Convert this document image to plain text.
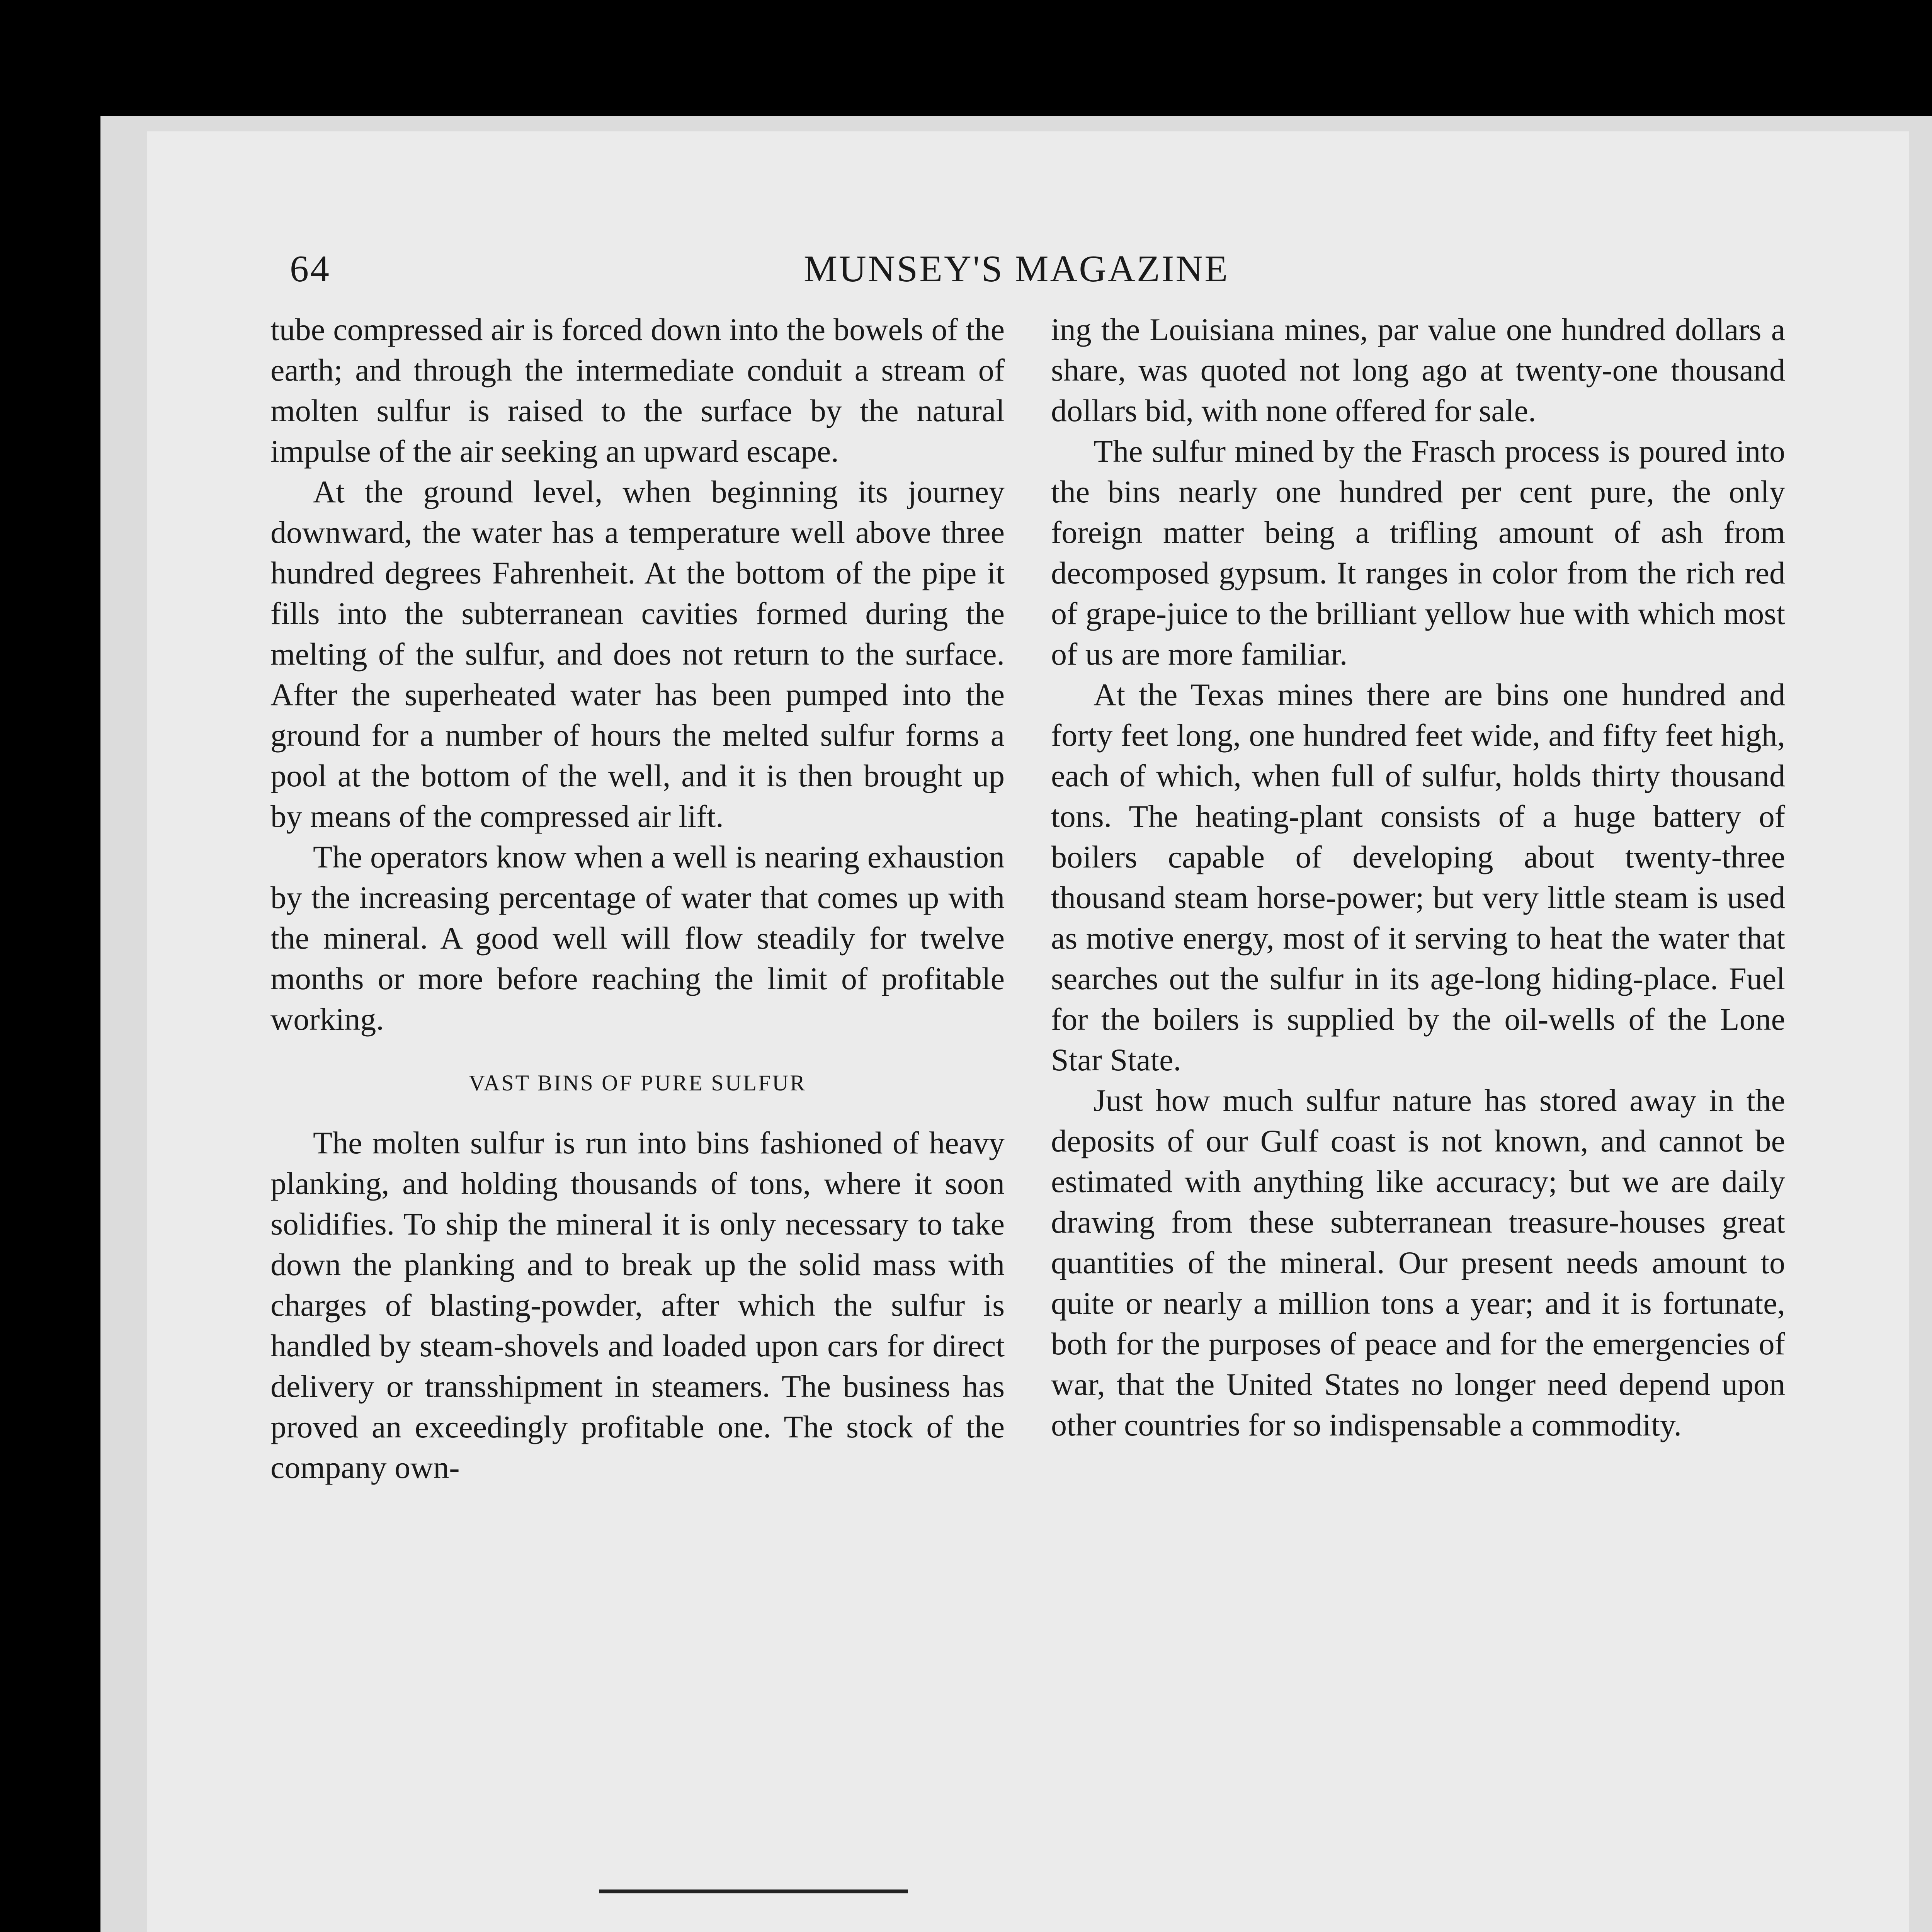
64	MUNSEY'S MAGAZINE

tube compressed air is forced down into the bowels of the earth; and through the intermediate conduit a stream of molten sulfur is raised to the surface by the natural impulse of the air seeking an upward escape.

At the ground level, when beginning its journey downward, the water has a temperature well above three hundred degrees Fahrenheit. At the bottom of the pipe it fills into the subterranean cavities formed during the melting of the sulfur, and does not return to the surface. After the superheated water has been pumped into the ground for a number of hours the melted sulfur forms a pool at the bottom of the well, and it is then brought up by means of the compressed air lift.

The operators know when a well is nearing exhaustion by the increasing percentage of water that comes up with the mineral. A good well will flow steadily for twelve months or more before reaching the limit of profitable working.

VAST BINS OF PURE SULFUR

The molten sulfur is run into bins fashioned of heavy planking, and holding thousands of tons, where it soon solidifies. To ship the mineral it is only necessary to take down the planking and to break up the solid mass with charges of blasting-powder, after which the sulfur is handled by steam-shovels and loaded upon cars for direct delivery or transshipment in steamers. The business has proved an exceedingly profitable one. The stock of the company own-

ing the Louisiana mines, par value one hundred dollars a share, was quoted not long ago at twenty-one thousand dollars bid, with none offered for sale.

The sulfur mined by the Frasch process is poured into the bins nearly one hundred per cent pure, the only foreign matter being a trifling amount of ash from decomposed gypsum. It ranges in color from the rich red of grape-juice to the brilliant yellow hue with which most of us are more familiar.

At the Texas mines there are bins one hundred and forty feet long, one hundred feet wide, and fifty feet high, each of which, when full of sulfur, holds thirty thousand tons. The heating-plant consists of a huge battery of boilers capable of developing about twenty-three thousand steam horse-power; but very little steam is used as motive energy, most of it serving to heat the water that searches out the sulfur in its age-long hiding-place. Fuel for the boilers is supplied by the oil-wells of the Lone Star State.

Just how much sulfur nature has stored away in the deposits of our Gulf coast is not known, and cannot be estimated with anything like accuracy; but we are daily drawing from these subterranean treasure-houses great quantities of the mineral. Our present needs amount to quite or nearly a million tons a year; and it is fortunate, both for the purposes of peace and for the emergencies of war, that the United States no longer need depend upon other countries for so indispensable a commodity.
